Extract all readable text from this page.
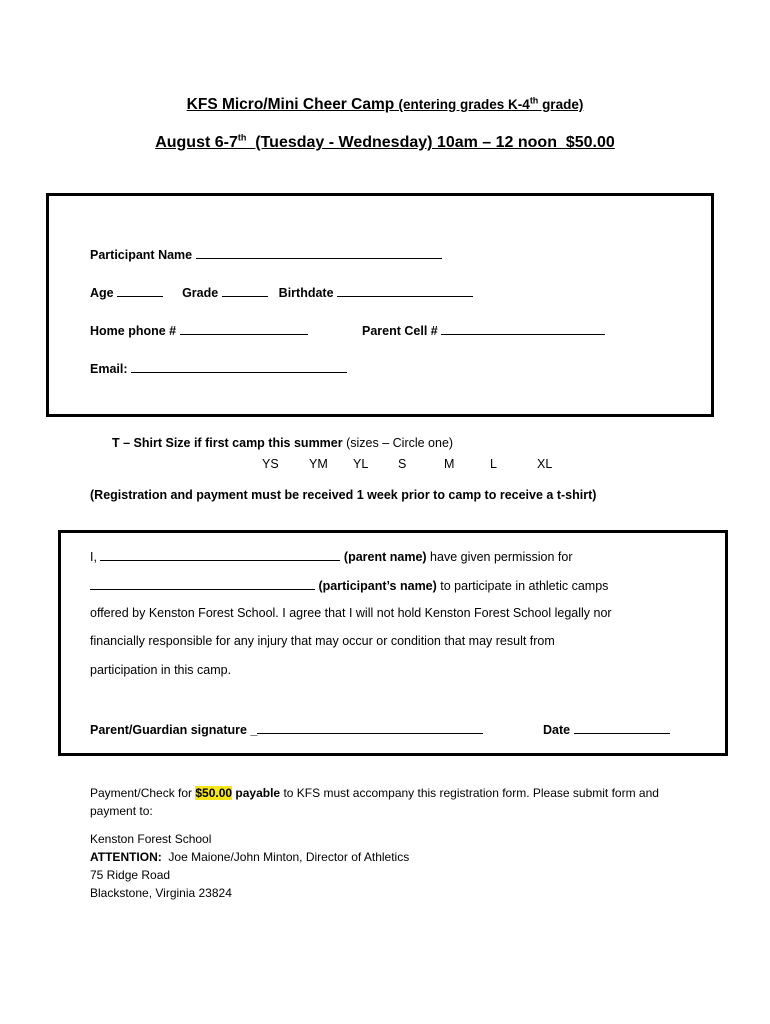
KFS Micro/Mini Cheer Camp (entering grades K-4th grade)
August 6-7th  (Tuesday - Wednesday) 10am – 12 noon  $50.00
Participant Name
Age	Grade	Birthdate
Home phone #	Parent Cell #
Email:
T – Shirt Size if first camp this summer (sizes – Circle one)
YS YM YL S	M	L	XL
(Registration and payment must be received 1 week prior to camp to receive a t-shirt)
I,	(parent name) have given permission for
(participant’s name) to participate in athletic camps
offered by Kenston Forest School. I agree that I will not hold Kenston Forest School legally nor
financially responsible for any injury that may occur or condition that may result from
participation in this camp.
Parent/Guardian signature _	Date
Payment/Check for $50.00 payable to KFS must accompany this registration form. Please submit form and payment to:
Kenston Forest School
ATTENTION:  Joe Maione/John Minton, Director of Athletics
75 Ridge Road
Blackstone, Virginia 23824
